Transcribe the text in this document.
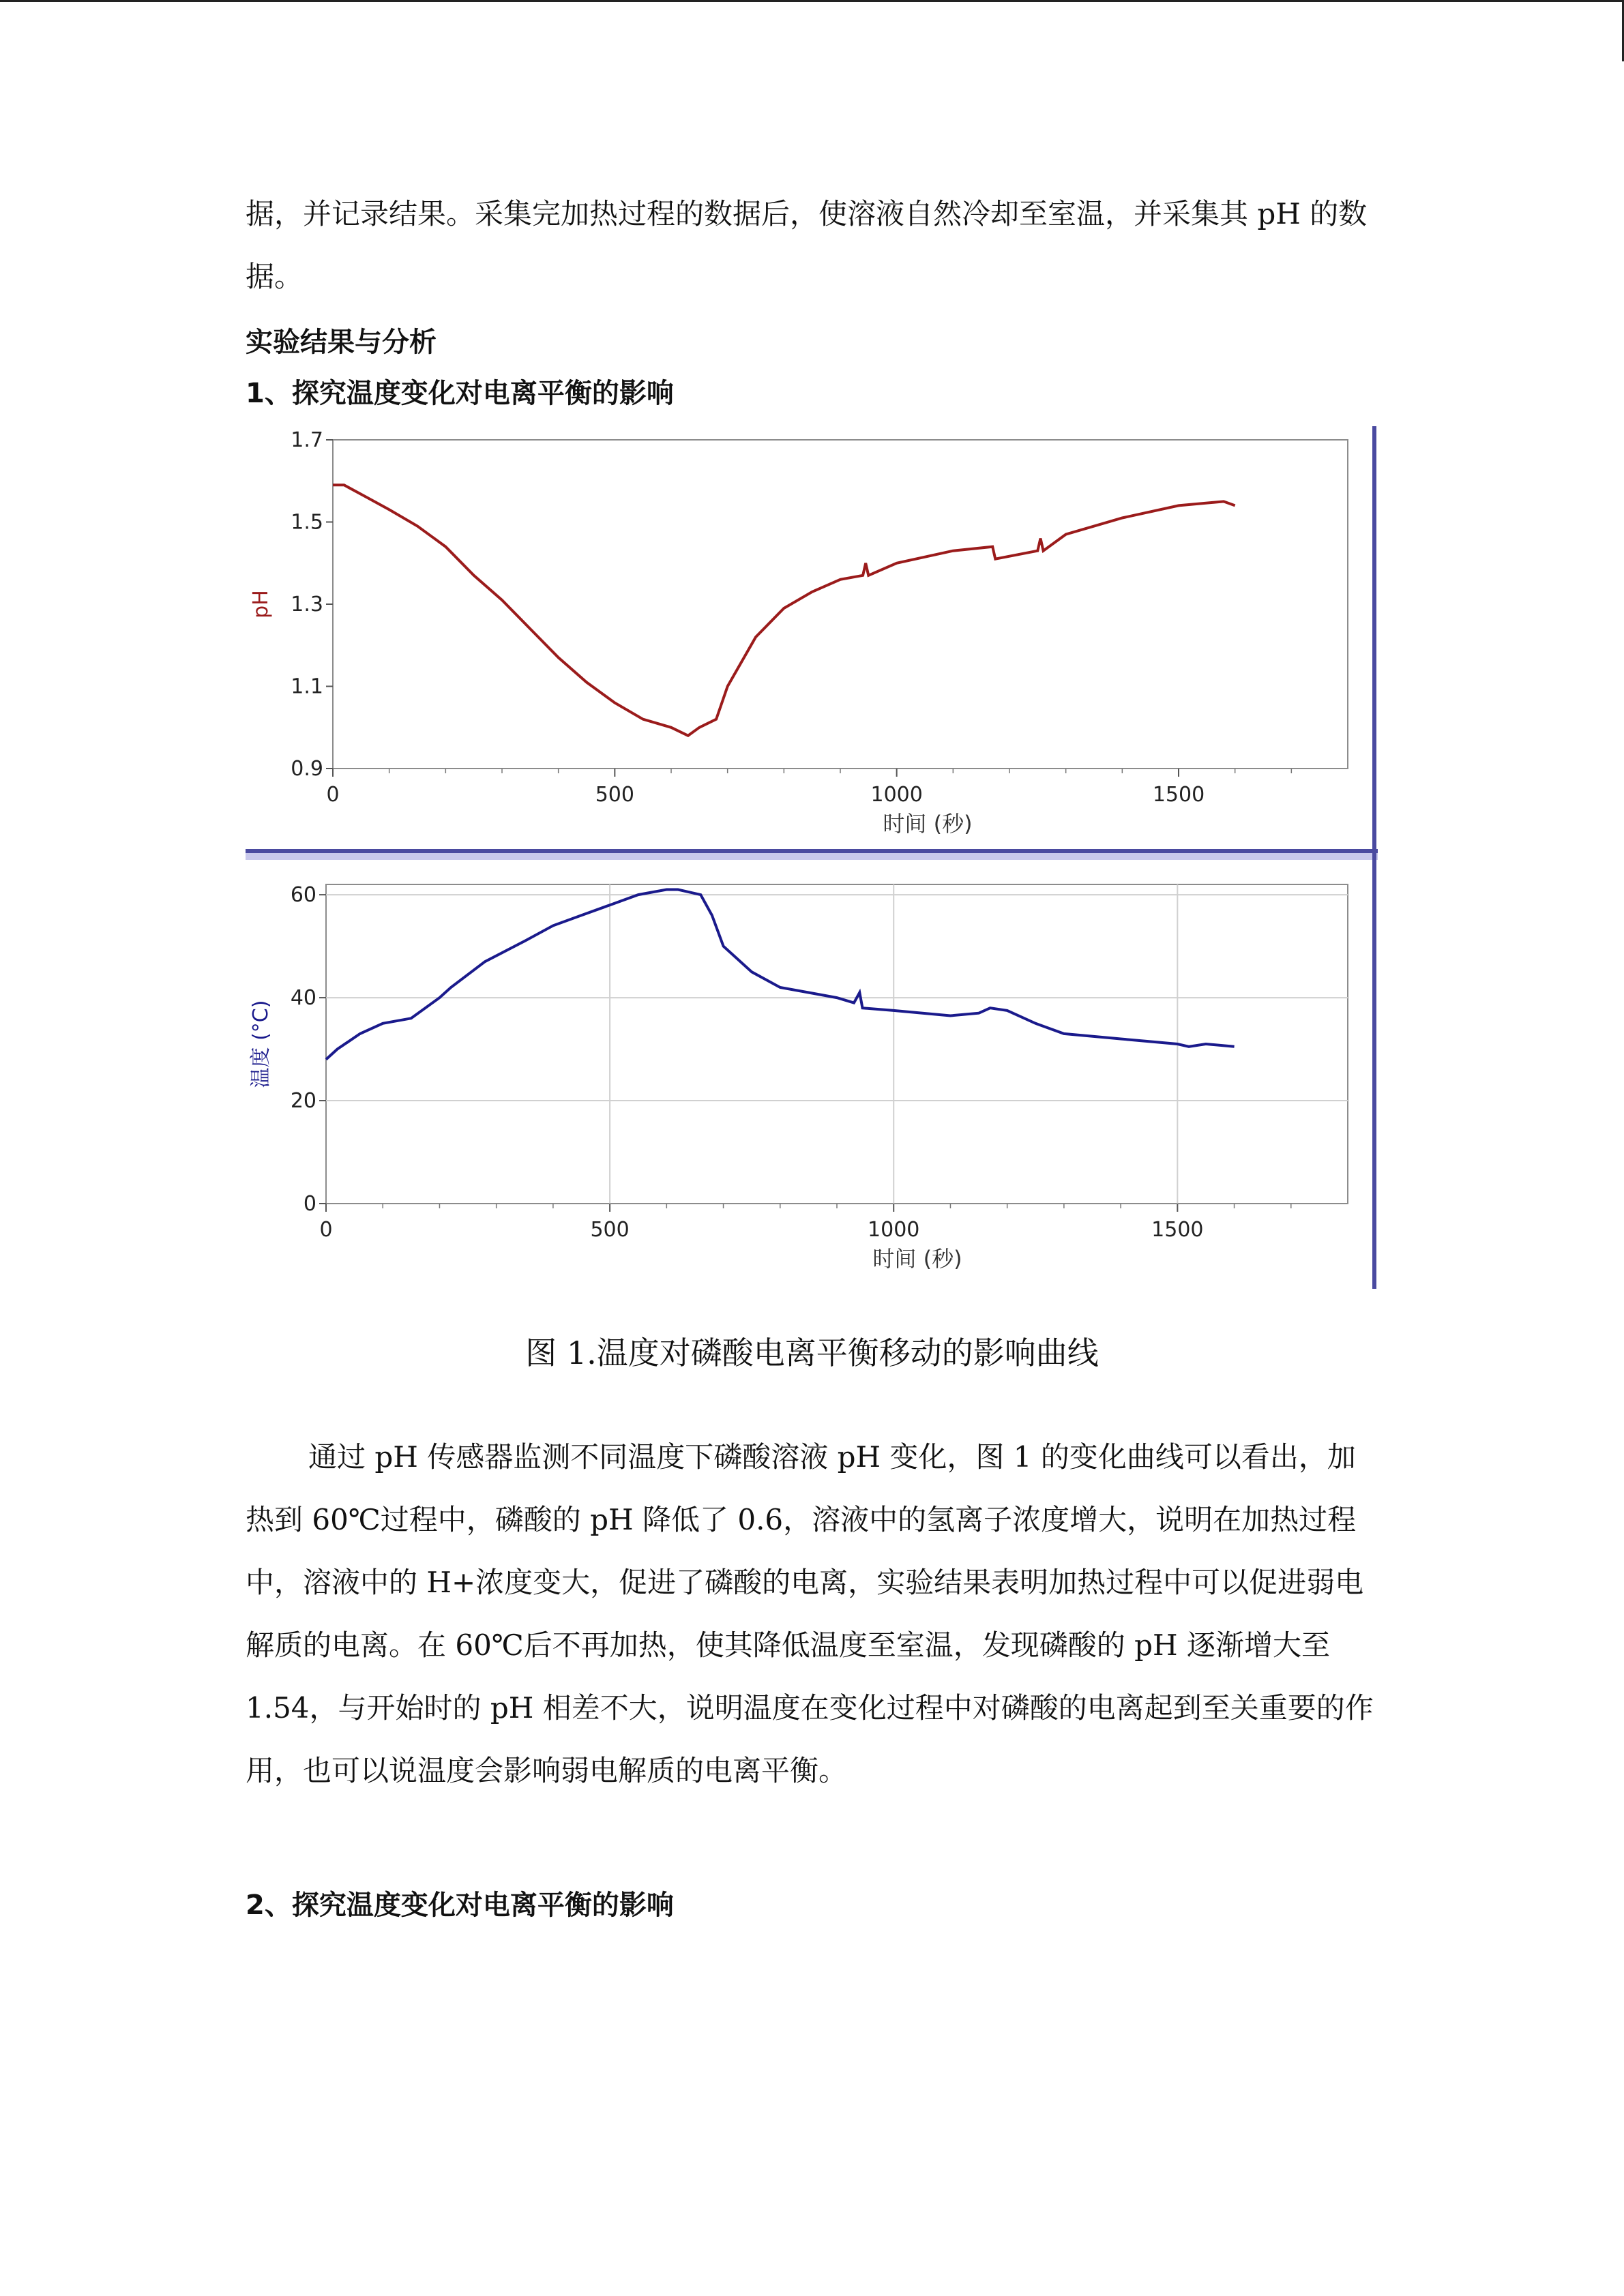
据，并记录结果。采集完加热过程的数据后，使溶液自然冷却至室温，并采集其 pH 的数据。

实验结果与分析

1、探究温度变化对电离平衡的影响

0	500	1000	1500
0.9
1.1
1.3
1.5
1.7
pH
时间 (秒)
0	500	1000	1500
0
20
40
60
温度 (°C)
时间 (秒)

图 1.温度对磷酸电离平衡移动的影响曲线

通过 pH 传感器监测不同温度下磷酸溶液 pH 变化，图 1 的变化曲线可以看出，加热到 60℃过程中，磷酸的 pH 降低了 0.6，溶液中的氢离子浓度增大，说明在加热过程中，溶液中的 H+浓度变大，促进了磷酸的电离，实验结果表明加热过程中可以促进弱电解质的电离。在 60℃后不再加热，使其降低温度至室温，发现磷酸的 pH 逐渐增大至 1.54，与开始时的 pH 相差不大，说明温度在变化过程中对磷酸的电离起到至关重要的作用，也可以说温度会影响弱电解质的电离平衡。

2、探究温度变化对电离平衡的影响
